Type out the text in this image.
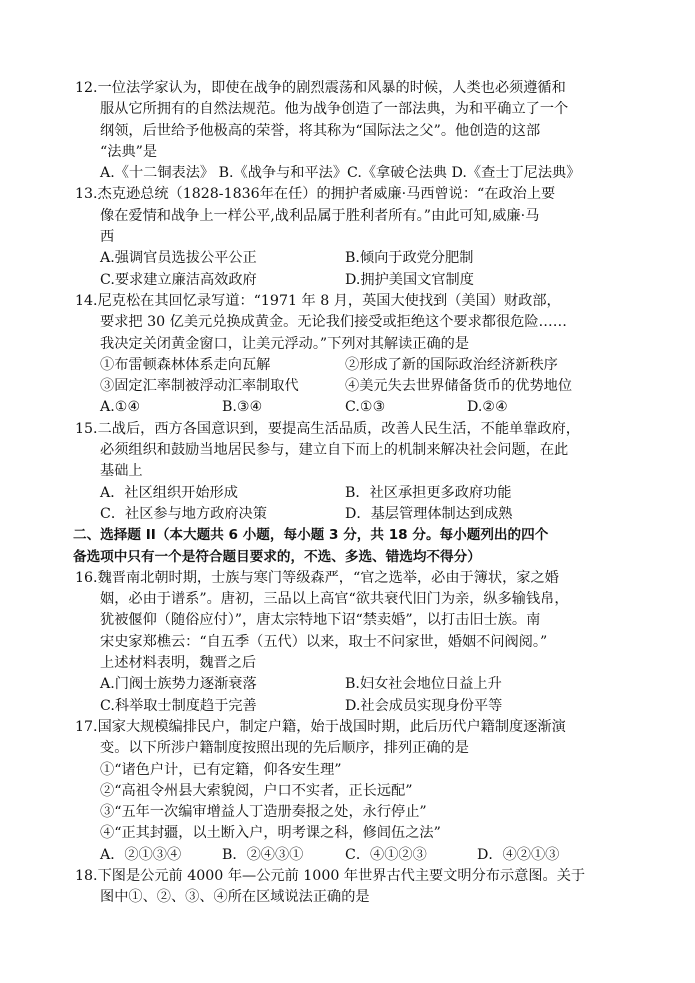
12.一位法学家认为，即使在战争的剧烈震荡和风暴的时候，人类也必须遵循和
服从它所拥有的自然法规范。他为战争创造了一部法典，为和平确立了一个
纲领，后世给予他极高的荣誉，将其称为“国际法之父”。他创造的这部
“法典”是
A.《十二铜表法》 B.《战争与和平法》C.《拿破仑法典 D.《查士丁尼法典》
13.杰克逊总统（1828-1836年在任）的拥护者威廉·马西曾说：“在政治上要
像在爱情和战争上一样公平,战利品属于胜利者所有。”由此可知,威廉·马
西
A.强调官员选拔公平公正	B.倾向于政党分肥制
C.要求建立廉洁高效政府	D.拥护美国文官制度
14.尼克松在其回忆录写道：“1971 年 8 月，英国大使找到（美国）财政部，
要求把 30 亿美元兑换成黄金。无论我们接受或拒绝这个要求都很危险……
我决定关闭黄金窗口，让美元浮动。”下列对其解读正确的是
①布雷顿森林体系走向瓦解	②形成了新的国际政治经济新秩序
③固定汇率制被浮动汇率制取代	④美元失去世界储备货币的优势地位
A.①④	B.③④	C.①③	D.②④
15.二战后，西方各国意识到，要提高生活品质，改善人民生活，不能单靠政府，
必须组织和鼓励当地居民参与，建立自下而上的机制来解决社会问题，在此
基础上
A．社区组织开始形成	B．社区承担更多政府功能
C．社区参与地方政府决策	D．基层管理体制达到成熟
二、选择题 II（本大题共 6 小题，每小题 3 分，共 18 分。每小题列出的四个
备选项中只有一个是符合题目要求的，不选、多选、错选均不得分）
16.魏晋南北朝时期，士族与寒门等级森严，“官之选举，必由于簿状，家之婚
姻，必由于谱系”。唐初，三品以上高官“欲共衰代旧门为亲，纵多输钱帛，
犹被偃仰（随俗应付）”，唐太宗特地下诏“禁卖婚”，以打击旧士族。南
宋史家郑樵云：“自五季（五代）以来，取士不问家世，婚姻不问阀阅。”
上述材料表明，魏晋之后
A.门阀士族势力逐渐衰落	B.妇女社会地位日益上升
C.科举取士制度趋于完善	D.社会成员实现身份平等
17.国家大规模编排民户，制定户籍，始于战国时期，此后历代户籍制度逐渐演
变。以下所涉户籍制度按照出现的先后顺序，排列正确的是
①“诸色户计，已有定籍，仰各安生理”
②“高祖令州县大索貌阅，户口不实者，正长远配”
③“五年一次编审增益人丁造册奏报之处，永行停止”
④“正其封疆，以土断入户，明考课之科，修闾伍之法”
A．②①③④	B．②④③①	C．④①②③	D．④②①③
18.下图是公元前 4000 年—公元前 1000 年世界古代主要文明分布示意图。关于
图中①、②、③、④所在区域说法正确的是
